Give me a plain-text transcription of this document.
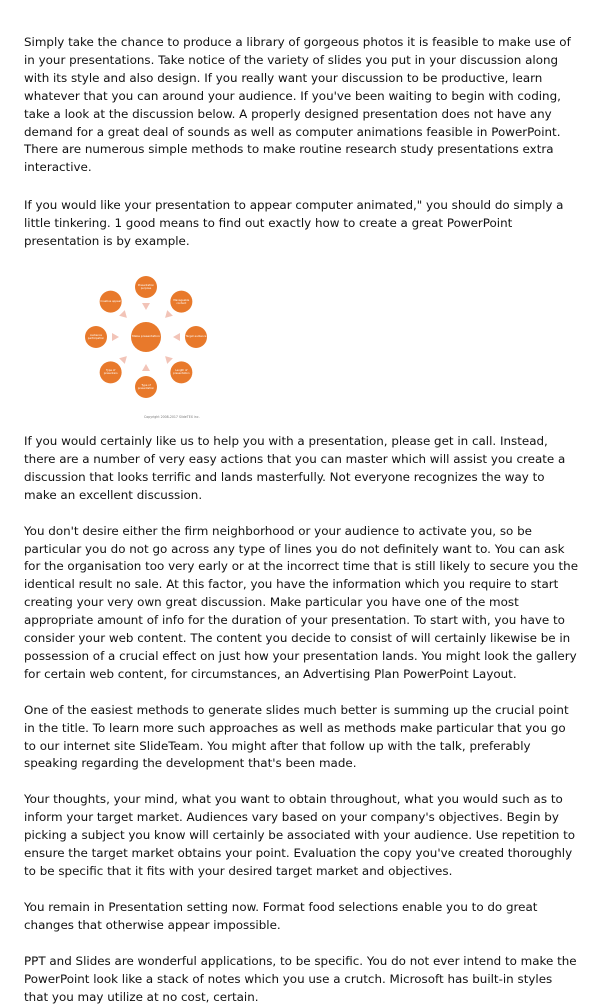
Simply take the chance to produce a library of gorgeous photos it is feasible to make use of in your presentations. Take notice of the variety of slides you put in your discussion along with its style and also design. If you really want your discussion to be productive, learn whatever that you can around your audience. If you've been waiting to begin with coding, take a look at the discussion below. A properly designed presentation does not have any demand for a great deal of sounds as well as computer animations feasible in PowerPoint. There are numerous simple methods to make routine research study presentations extra interactive.

If you would like your presentation to appear computer animated," you should do simply a little tinkering. 1 good means to find out exactly how to create a great PowerPoint presentation is by example.

Make presentation
Presentation purpose
Manageable content
Target audience
Length of presentation
Type of presentation
Type of presenters
Audience participation
Creative appeal
Copyright 2008-2017 SlideTEX inc.

If you would certainly like us to help you with a presentation, please get in call. Instead, there are a number of very easy actions that you can master which will assist you create a discussion that looks terrific and lands masterfully. Not everyone recognizes the way to make an excellent discussion.

You don't desire either the firm neighborhood or your audience to activate you, so be particular you do not go across any type of lines you do not definitely want to. You can ask for the organisation too very early or at the incorrect time that is still likely to secure you the identical result no sale. At this factor, you have the information which you require to start creating your very own great discussion. Make particular you have one of the most appropriate amount of info for the duration of your presentation. To start with, you have to consider your web content. The content you decide to consist of will certainly likewise be in possession of a crucial effect on just how your presentation lands. You might look the gallery for certain web content, for circumstances, an Advertising Plan PowerPoint Layout.

One of the easiest methods to generate slides much better is summing up the crucial point in the title. To learn more such approaches as well as methods make particular that you go to our internet site SlideTeam. You might after that follow up with the talk, preferably speaking regarding the development that's been made.

Your thoughts, your mind, what you want to obtain throughout, what you would such as to inform your target market. Audiences vary based on your company's objectives. Begin by picking a subject you know will certainly be associated with your audience. Use repetition to ensure the target market obtains your point. Evaluation the copy you've created thoroughly to be specific that it fits with your desired target market and objectives.

You remain in Presentation setting now. Format food selections enable you to do great changes that otherwise appear impossible.

PPT and Slides are wonderful applications, to be specific. You do not ever intend to make the PowerPoint look like a stack of notes which you use a crutch. Microsoft has built-in styles that you may utilize at no cost, certain.
